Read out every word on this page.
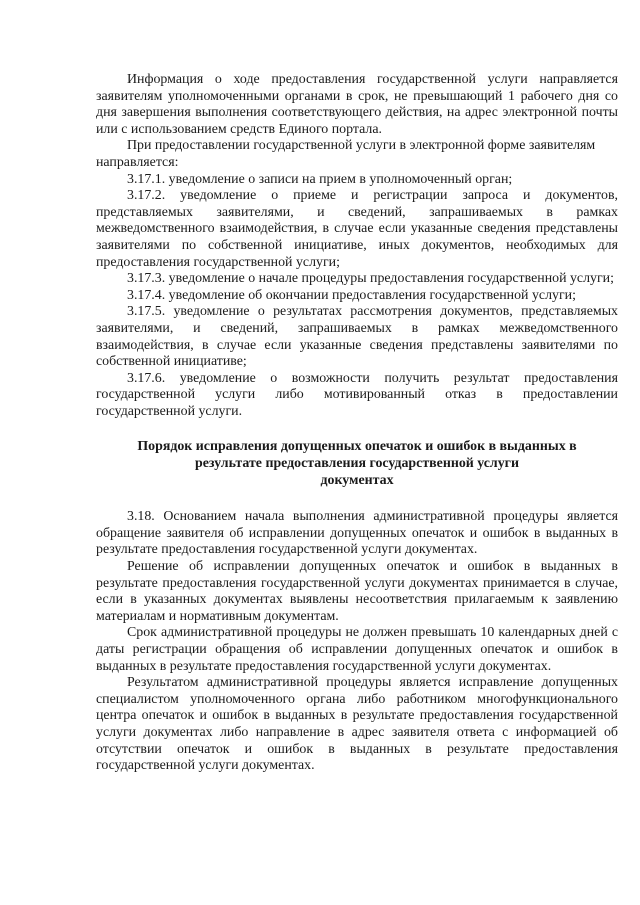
Информация о ходе предоставления государственной услуги направляется заявителям уполномоченными органами в срок, не превышающий 1 рабочего дня со дня завершения выполнения соответствующего действия, на адрес электронной почты или с использованием средств Единого портала.

При предоставлении государственной услуги в электронной форме заявителям направляется:

3.17.1. уведомление о записи на прием в уполномоченный орган;

3.17.2. уведомление о приеме и регистрации запроса и документов, представляемых заявителями, и сведений, запрашиваемых в рамках межведомственного взаимодействия, в случае если указанные сведения представлены заявителями по собственной инициативе, иных документов, необходимых для предоставления государственной услуги;

3.17.3. уведомление о начале процедуры предоставления государственной услуги;

3.17.4. уведомление об окончании предоставления государственной услуги;

3.17.5. уведомление о результатах рассмотрения документов, представляемых заявителями, и сведений, запрашиваемых в рамках межведомственного взаимодействия, в случае если указанные сведения представлены заявителями по собственной инициативе;

3.17.6. уведомление о возможности получить результат предоставления государственной услуги либо мотивированный отказ в предоставлении государственной услуги.

Порядок исправления допущенных опечаток и ошибок в выданных в
результате предоставления государственной услуги
документах

3.18. Основанием начала выполнения административной процедуры является обращение заявителя об исправлении допущенных опечаток и ошибок в выданных в результате предоставления государственной услуги документах.

Решение об исправлении допущенных опечаток и ошибок в выданных в результате предоставления государственной услуги документах принимается в случае, если в указанных документах выявлены несоответствия прилагаемым к заявлению материалам и нормативным документам.

Срок административной процедуры не должен превышать 10 календарных дней с даты регистрации обращения об исправлении допущенных опечаток и ошибок в выданных в результате предоставления государственной услуги документах.

Результатом административной процедуры является исправление допущенных специалистом уполномоченного органа либо работником многофункционального центра опечаток и ошибок в выданных в результате предоставления государственной услуги документах либо направление в адрес заявителя ответа с информацией об отсутствии опечаток и ошибок в выданных в результате предоставления государственной услуги документах.
